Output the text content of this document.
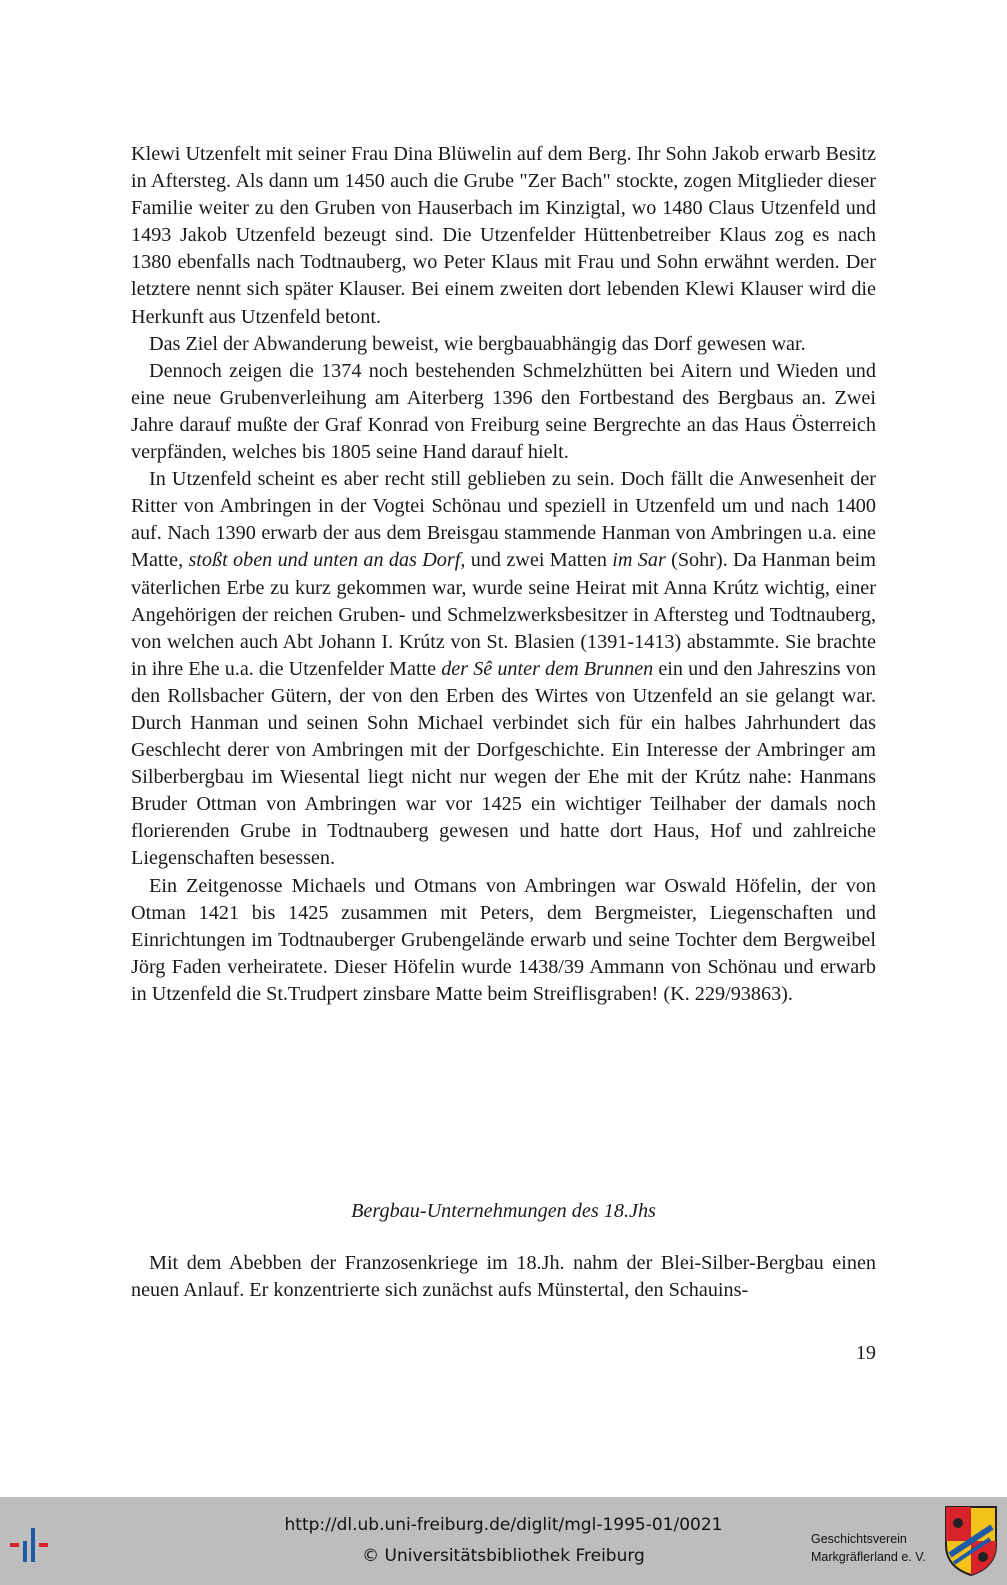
Klewi Utzenfelt mit seiner Frau Dina Blüwelin auf dem Berg. Ihr Sohn Jakob erwarb Besitz in Aftersteg. Als dann um 1450 auch die Grube "Zer Bach" stockte, zogen Mitglieder dieser Familie weiter zu den Gruben von Hauserbach im Kinzigtal, wo 1480 Claus Utzenfeld und 1493 Jakob Utzenfeld bezeugt sind. Die Utzenfelder Hüttenbetreiber Klaus zog es nach 1380 ebenfalls nach Todtnauberg, wo Peter Klaus mit Frau und Sohn erwähnt werden. Der letztere nennt sich später Klauser. Bei einem zweiten dort lebenden Klewi Klauser wird die Herkunft aus Utzenfeld betont.

Das Ziel der Abwanderung beweist, wie bergbauabhängig das Dorf gewesen war.

Dennoch zeigen die 1374 noch bestehenden Schmelzhütten bei Aitern und Wieden und eine neue Grubenverleihung am Aiterberg 1396 den Fortbestand des Bergbaus an. Zwei Jahre darauf mußte der Graf Konrad von Freiburg seine Bergrechte an das Haus Österreich verpfänden, welches bis 1805 seine Hand darauf hielt.

In Utzenfeld scheint es aber recht still geblieben zu sein. Doch fällt die Anwesenheit der Ritter von Ambringen in der Vogtei Schönau und speziell in Utzenfeld um und nach 1400 auf. Nach 1390 erwarb der aus dem Breisgau stammende Hanman von Ambringen u.a. eine Matte, stoßt oben und unten an das Dorf, und zwei Matten im Sar (Sohr). Da Hanman beim väterlichen Erbe zu kurz gekommen war, wurde seine Heirat mit Anna Krútz wichtig, einer Angehörigen der reichen Gruben- und Schmelzwerksbesitzer in Aftersteg und Todtnauberg, von welchen auch Abt Johann I. Krútz von St. Blasien (1391-1413) abstammte. Sie brachte in ihre Ehe u.a. die Utzenfelder Matte der Sê unter dem Brunnen ein und den Jahreszins von den Rollsbacher Gütern, der von den Erben des Wirtes von Utzenfeld an sie gelangt war. Durch Hanman und seinen Sohn Michael verbindet sich für ein halbes Jahrhundert das Geschlecht derer von Ambringen mit der Dorfgeschichte. Ein Interesse der Ambringer am Silberbergbau im Wiesental liegt nicht nur wegen der Ehe mit der Krútz nahe: Hanmans Bruder Ottman von Ambringen war vor 1425 ein wichtiger Teilhaber der damals noch florierenden Grube in Todtnauberg gewesen und hatte dort Haus, Hof und zahlreiche Liegenschaften besessen.

Ein Zeitgenosse Michaels und Otmans von Ambringen war Oswald Höfelin, der von Otman 1421 bis 1425 zusammen mit Peters, dem Bergmeister, Liegenschaften und Einrichtungen im Todtnauberger Grubengelände erwarb und seine Tochter dem Bergweibel Jörg Faden verheiratete. Dieser Höfelin wurde 1438/39 Ammann von Schönau und erwarb in Utzenfeld die St.Trudpert zinsbare Matte beim Streiflisgraben! (K. 229/93863).

Bergbau-Unternehmungen des 18.Jhs

Mit dem Abebben der Franzosenkriege im 18.Jh. nahm der Blei-Silber-Bergbau einen neuen Anlauf. Er konzentrierte sich zunächst aufs Münstertal, den Schauins-

19
http://dl.ub.uni-freiburg.de/diglit/mgl-1995-01/0021
© Universitätsbibliothek Freiburg
Geschichtsverein
Markgräflerland e. V.
